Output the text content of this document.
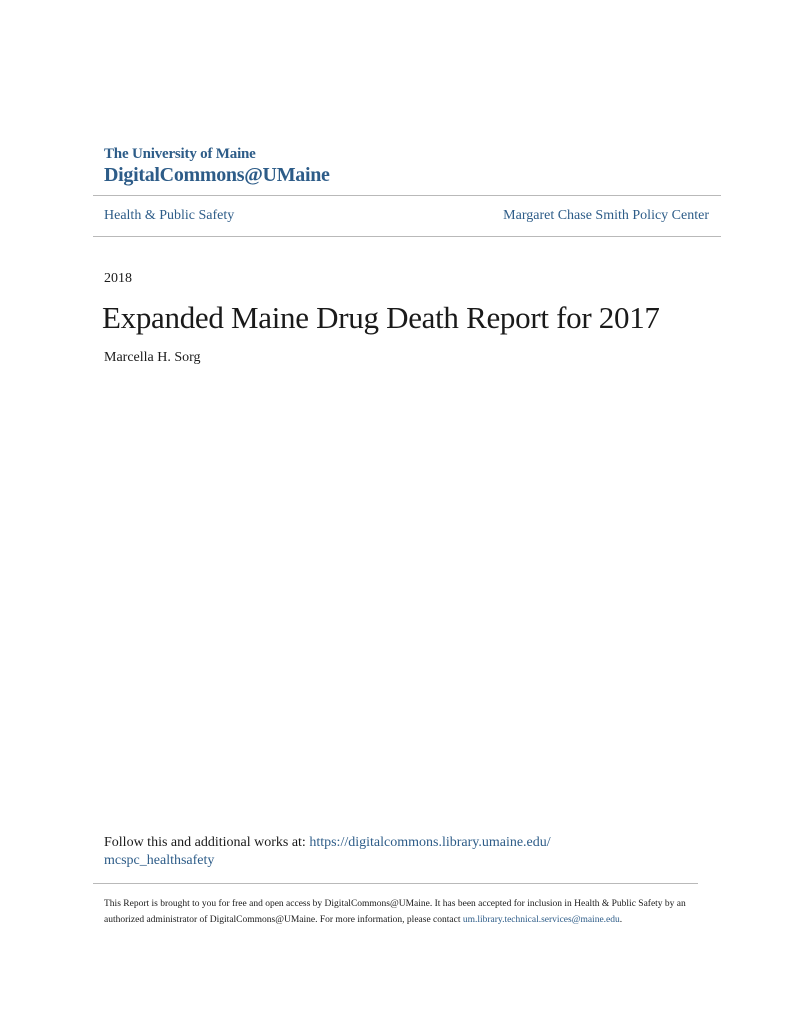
The University of Maine
DigitalCommons@UMaine
Health & Public Safety	Margaret Chase Smith Policy Center
2018
Expanded Maine Drug Death Report for 2017
Marcella H. Sorg
Follow this and additional works at: https://digitalcommons.library.umaine.edu/
mcspc_healthsafety
This Report is brought to you for free and open access by DigitalCommons@UMaine. It has been accepted for inclusion in Health & Public Safety by an authorized administrator of DigitalCommons@UMaine. For more information, please contact um.library.technical.services@maine.edu.
